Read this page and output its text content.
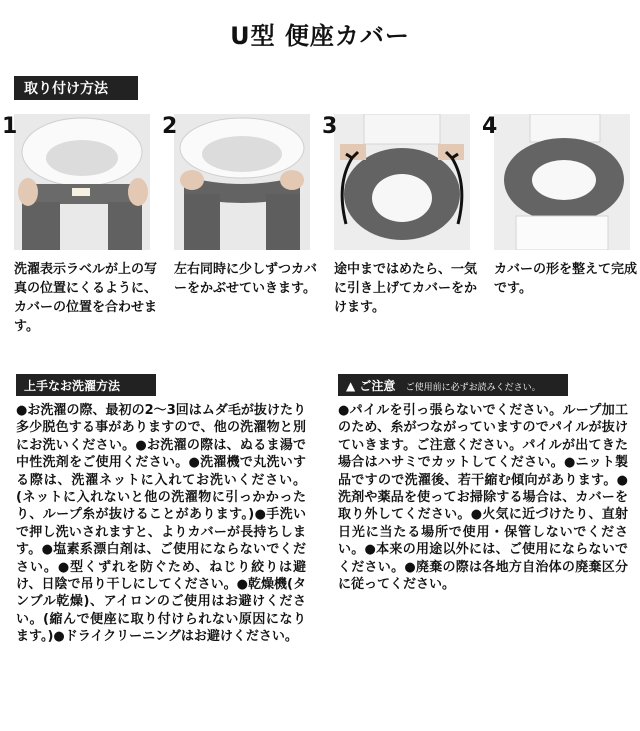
U型 便座カバー
取り付け方法
1
洗濯表示ラベルが上の写真の位置にくるように、カバーの位置を合わせます。
2
左右同時に少しずつカバーをかぶせていきます。
3
途中まではめたら、一気に引き上げてカバーをかけます。
4
カバーの形を整えて完成です。
上手なお洗濯方法
●お洗濯の際、最初の2〜3回はムダ毛が抜けたり多少脱色する事がありますので、他の洗濯物と別にお洗いください。●お洗濯の際は、ぬるま湯で中性洗剤をご使用ください。●洗濯機で丸洗いする際は、洗濯ネットに入れてお洗いください。(ネットに入れないと他の洗濯物に引っかかったり、ループ糸が抜けることがあります。)●手洗いで押し洗いされますと、よりカバーが長持ちします。●塩素系漂白剤は、ご使用にならないでください。●型くずれを防ぐため、ねじり絞りは避け、日陰で吊り干しにしてください。●乾燥機(タンブル乾燥)、アイロンのご使用はお避けください。(縮んで便座に取り付けられない原因になります。)●ドライクリーニングはお避けください。
▲ ご注意 ご使用前に必ずお読みください。
●パイルを引っ張らないでください。ループ加工のため、糸がつながっていますのでパイルが抜けていきます。ご注意ください。パイルが出てきた場合はハサミでカットしてください。●ニット製品ですので洗濯後、若干縮む傾向があります。●洗剤や薬品を使ってお掃除する場合は、カバーを取り外してください。●火気に近づけたり、直射日光に当たる場所で使用・保管しないでください。●本来の用途以外には、ご使用にならないでください。●廃棄の際は各地方自治体の廃棄区分に従ってください。
